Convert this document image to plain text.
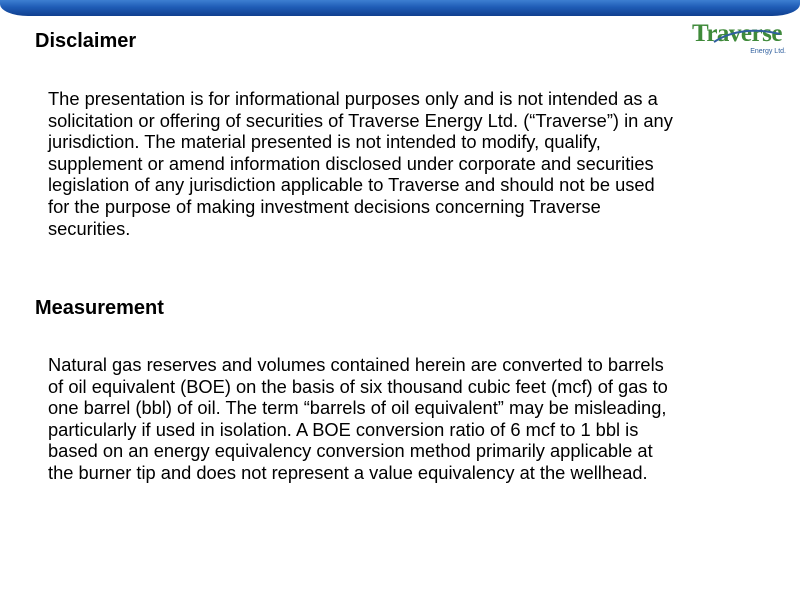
Traverse
Energy Ltd.
Disclaimer

The presentation is for informational purposes only and is not intended as a
solicitation or offering of securities of Traverse Energy Ltd. (“Traverse”) in any
jurisdiction. The material presented is not intended to modify, qualify,
supplement or amend information disclosed under corporate and securities
legislation of any jurisdiction applicable to Traverse and should not be used
for the purpose of making investment decisions concerning Traverse
securities.

Measurement

Natural gas reserves and volumes contained herein are converted to barrels
of oil equivalent (BOE) on the basis of six thousand cubic feet (mcf) of gas to
one barrel (bbl) of oil. The term “barrels of oil equivalent” may be misleading,
particularly if used in isolation. A BOE conversion ratio of 6 mcf to 1 bbl is
based on an energy equivalency conversion method primarily applicable at
the burner tip and does not represent a value equivalency at the wellhead.
